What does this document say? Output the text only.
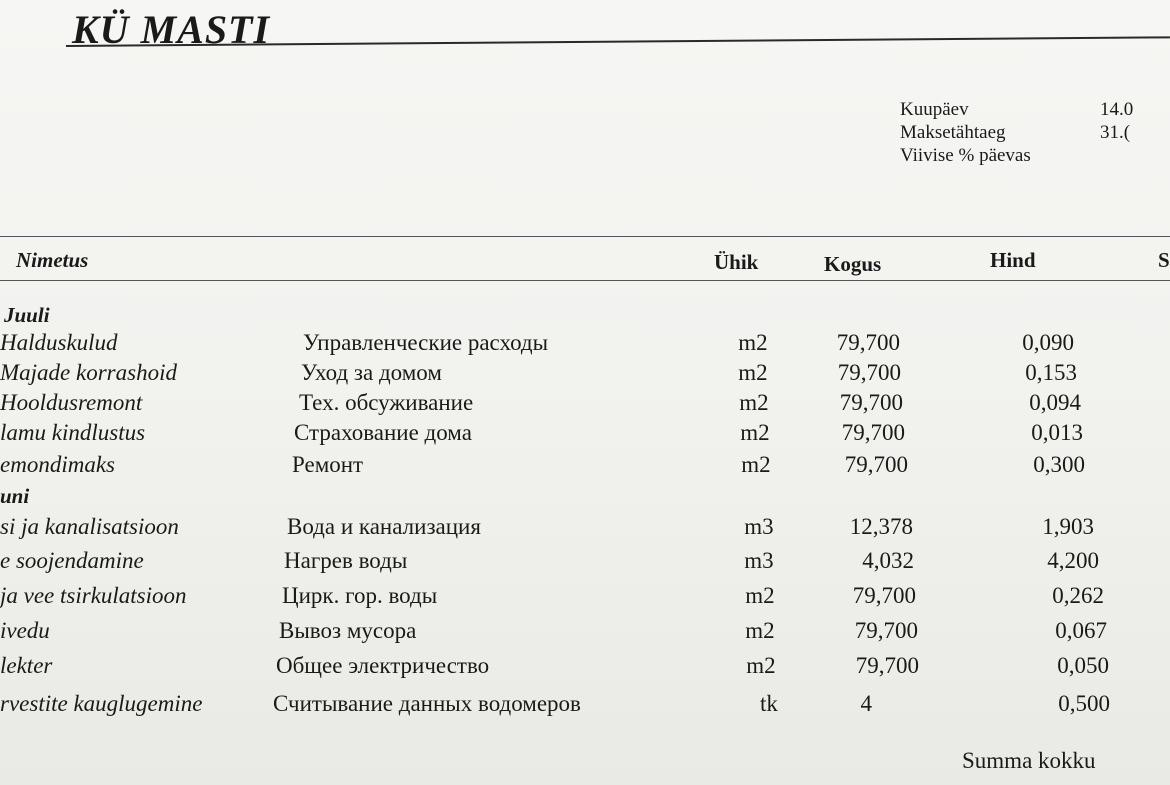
KÜ MASTI
Kuupäev	14.0
Maksetähtaeg	31.(
Viivise % päevas
Nimetus	Ühik	Kogus	Hind	S
Juuli
Halduskulud	Управленческие расходы	m2	79,700	0,090
Majade korrashoid	Уход за домом	m2	79,700	0,153
Hooldusremont	Тех. обсуживание	m2	79,700	0,094
lamu kindlustus	Страхование дома	m2	79,700	0,013
emondimaks	Ремонт	m2	79,700	0,300
uni
si ja kanalisatsioon	Вода и канализация	m3	12,378	1,903
e soojendamine	Нагрев воды	m3	4,032	4,200
ja vee tsirkulatsioon	Цирк. гор. воды	m2	79,700	0,262
ivedu	Вывоз мусора	m2	79,700	0,067
lekter	Общее электричество	m2	79,700	0,050
rvestite kauglugemine	Считывание данных водомеров	tk	4	0,500
Summa kokku
